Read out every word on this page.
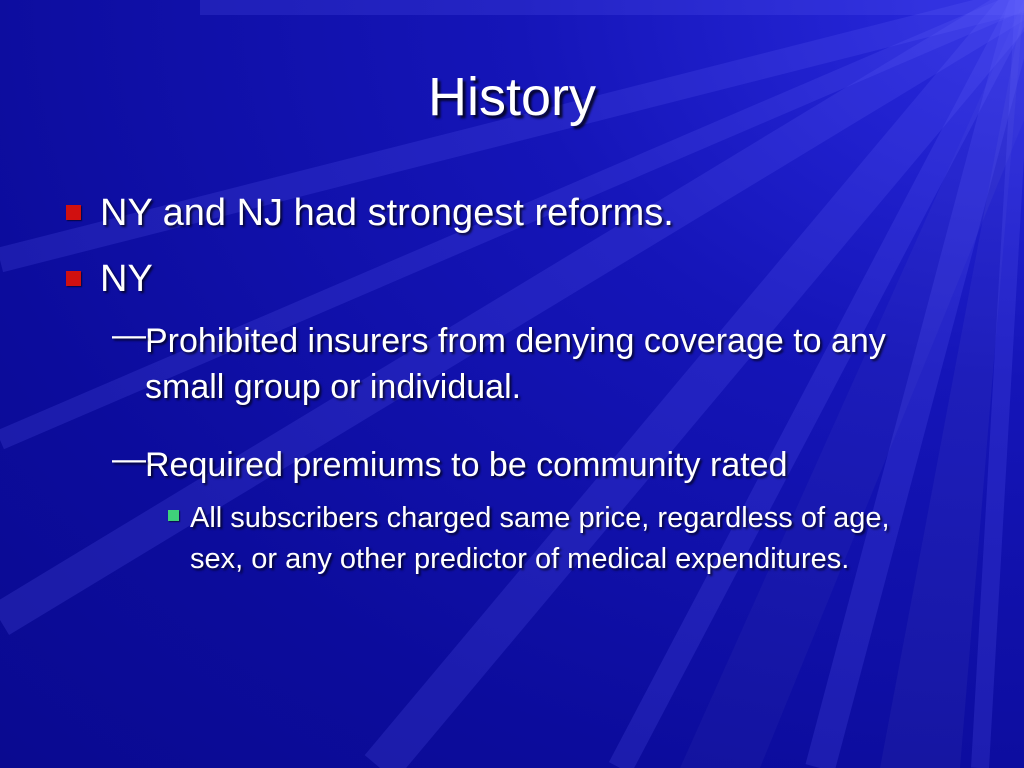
History
NY and NJ had strongest reforms.
NY
— Prohibited insurers from denying coverage to any small group or individual.
— Required premiums to be community rated
All subscribers charged same price, regardless of age, sex, or any other predictor of medical expenditures.
